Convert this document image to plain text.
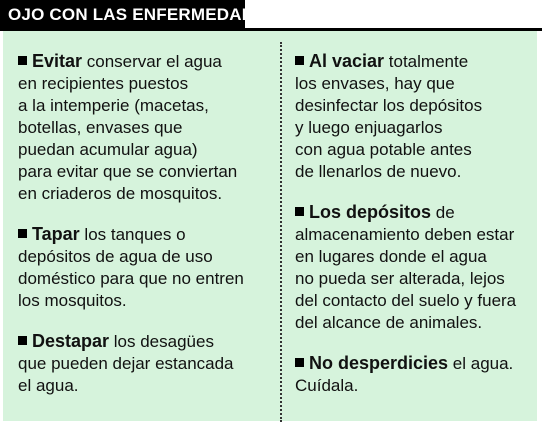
OJO CON LAS ENFERMEDADES
Evitar conservar el agua
en recipientes puestos
a la intemperie (macetas,
botellas, envases que
puedan acumular agua)
para evitar que se conviertan
en criaderos de mosquitos.
Tapar los tanques o
depósitos de agua de uso
doméstico para que no entren
los mosquitos.
Destapar los desagües
que pueden dejar estancada
el agua.
Al vaciar totalmente
los envases, hay que
desinfectar los depósitos
y luego enjuagarlos
con agua potable antes
de llenarlos de nuevo.
Los depósitos de
almacenamiento deben estar
en lugares donde el agua
no pueda ser alterada, lejos
del contacto del suelo y fuera
del alcance de animales.
No desperdicies el agua.
Cuídala.
